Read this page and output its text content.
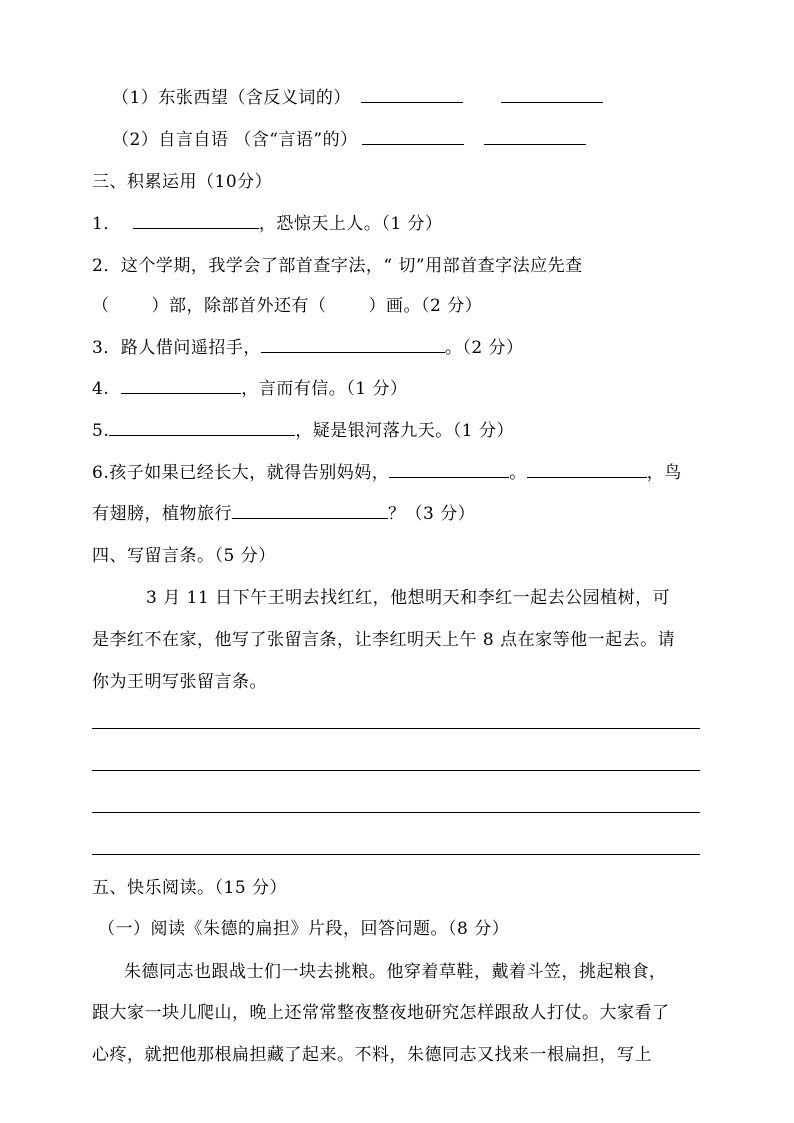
（1）东张西望（含反义词的）
（2）自言自语 （含“言语”的）
三、积累运用（10分）
1．	，恐惊天上人。（1 分）
2．这个学期，我学会了部首查字法，“ 切”用部首查字法应先查
（ ）部，除部首外还有（ ）画。（2 分）
3．路人借问遥招手，	。（2 分）
4.	，言而有信。（1 分）
5.	，疑是银河落九天。（1 分）
6.孩子如果已经长大，就得告别妈妈，	。	，鸟
有翅膀，植物旅行	？（3 分）
四、写留言条。（5 分）
3 月 11 日下午王明去找红红，他想明天和李红一起去公园植树，可
是李红不在家，他写了张留言条，让李红明天上午 8 点在家等他一起去。请
你为王明写张留言条。
五、快乐阅读。（15 分）
（一）阅读《朱德的扁担》片段，回答问题。（8 分）
朱德同志也跟战士们一块去挑粮。他穿着草鞋，戴着斗笠，挑起粮食，
跟大家一块儿爬山，晚上还常常整夜整夜地研究怎样跟敌人打仗。大家看了
心疼，就把他那根扁担藏了起来。不料，朱德同志又找来一根扁担，写上
